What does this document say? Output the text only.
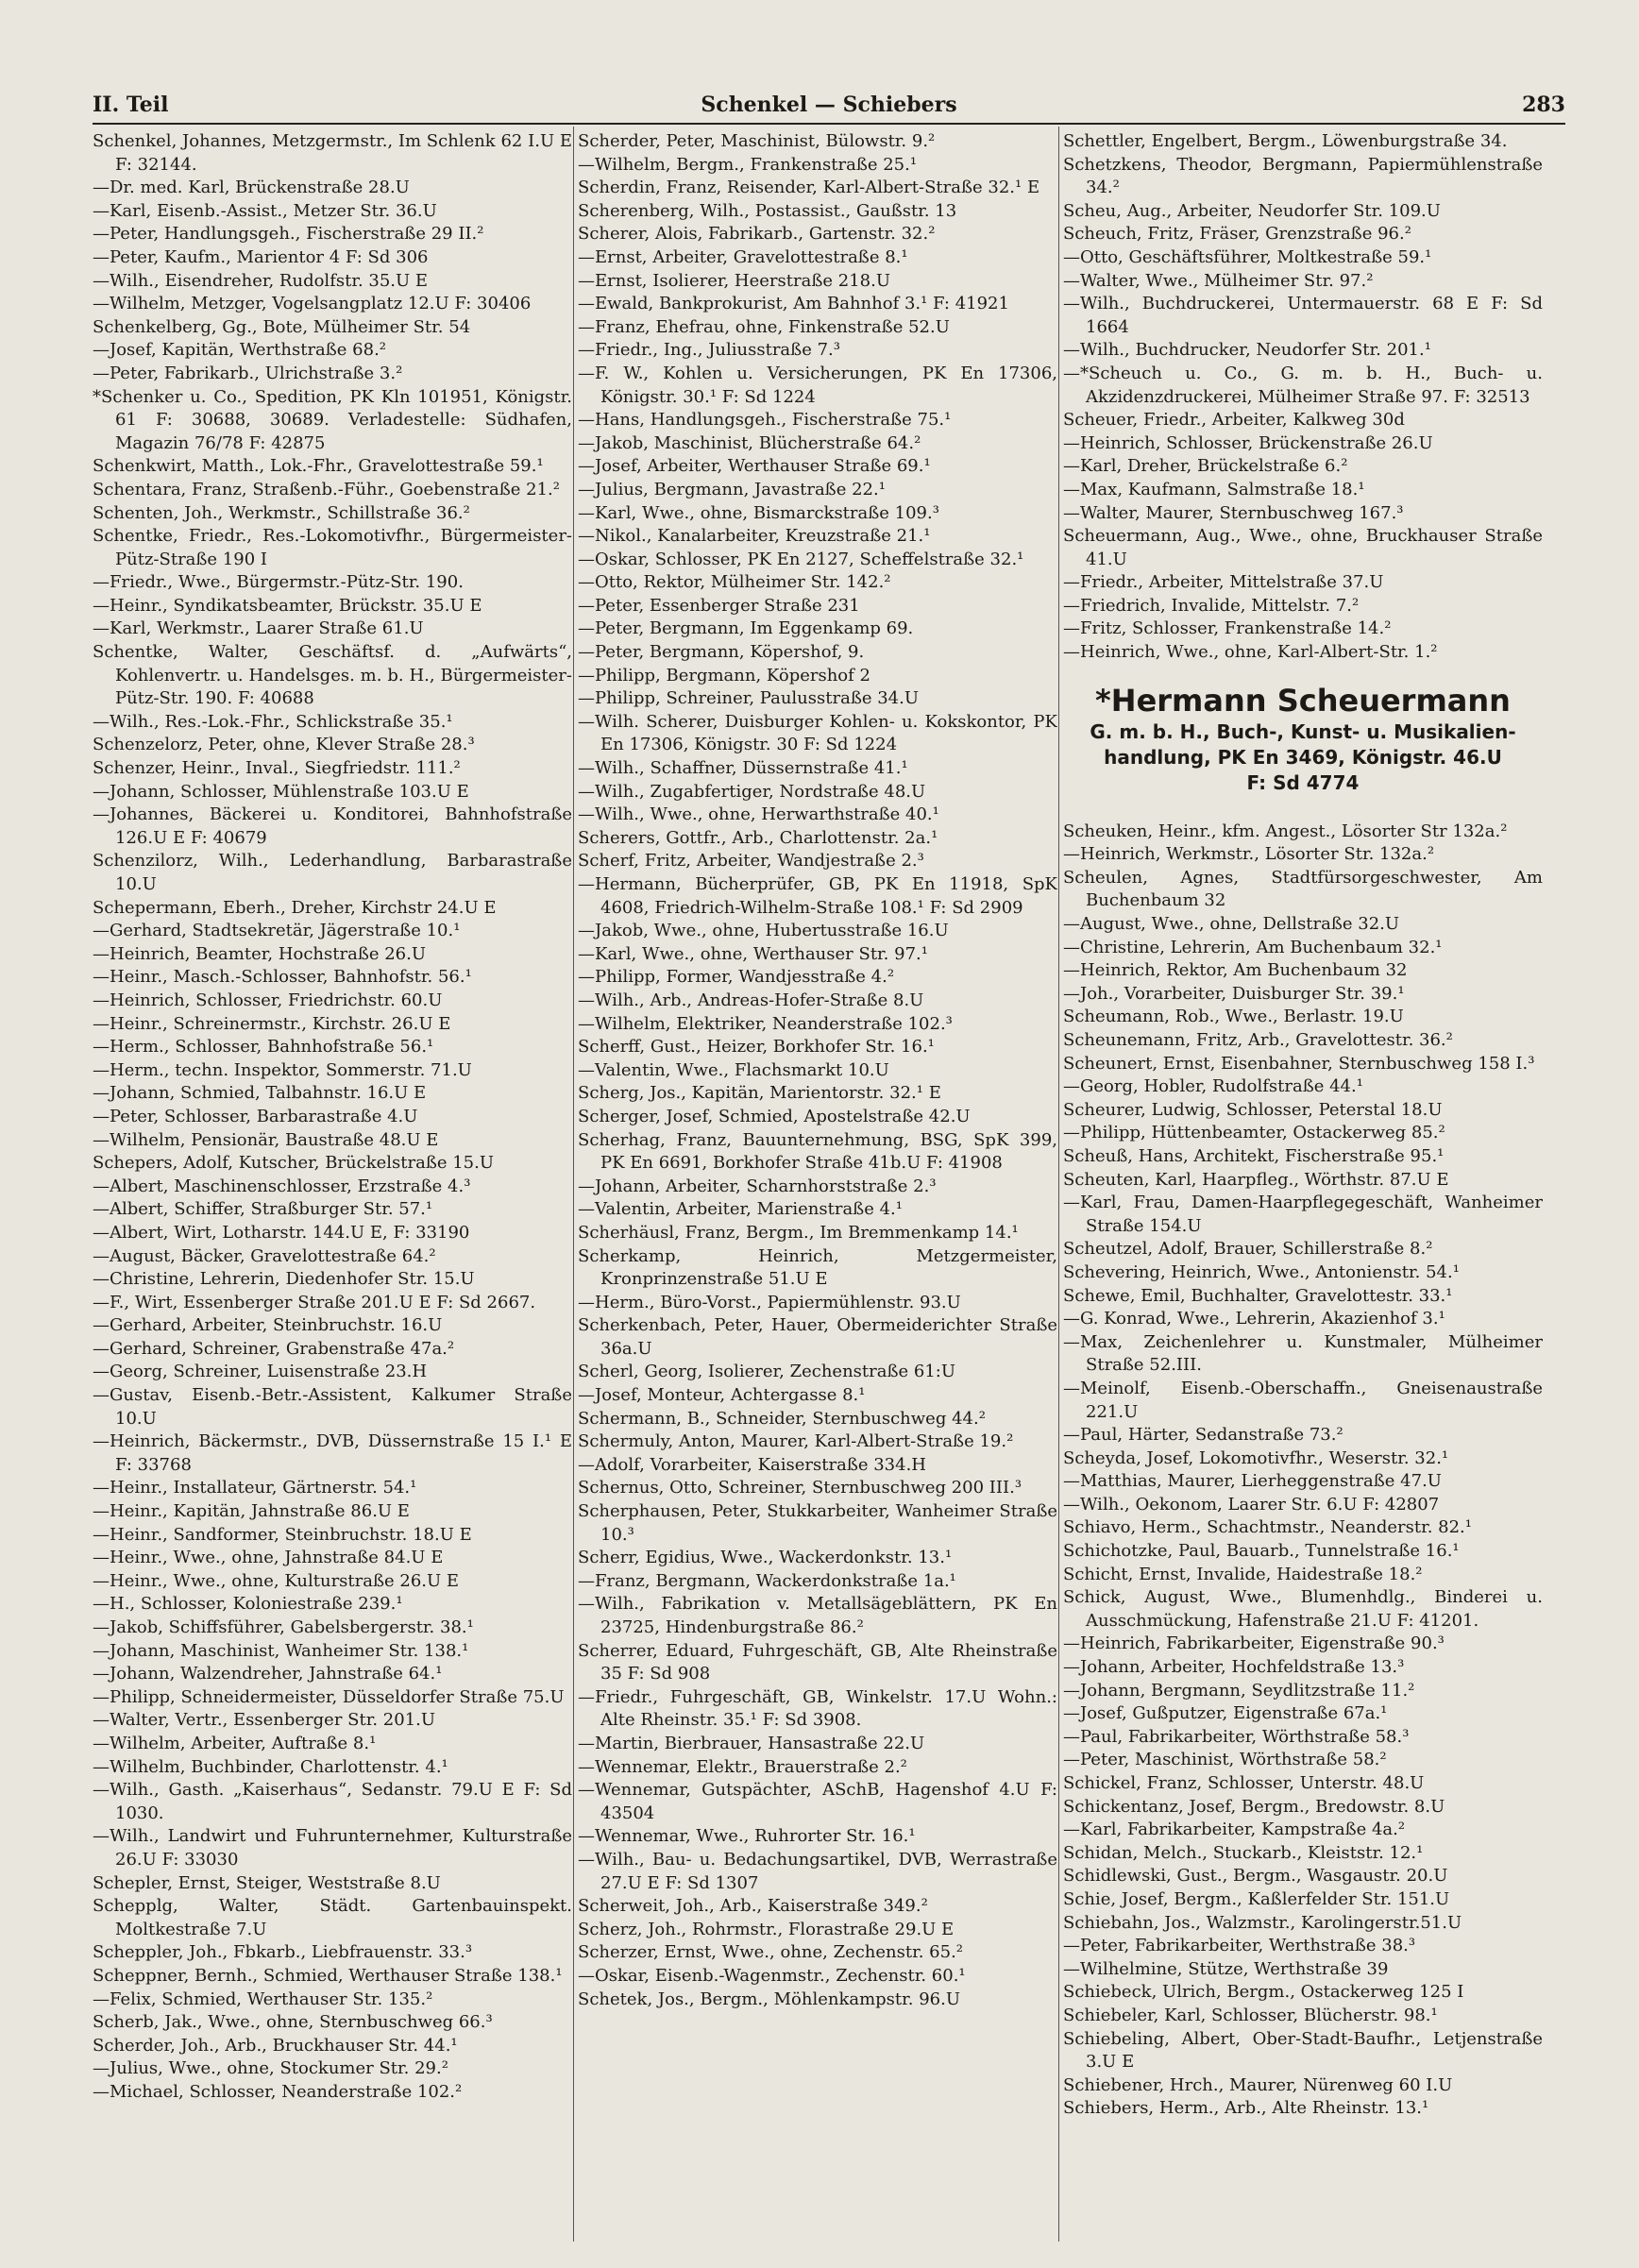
II. Teil	Schenkel — Schiebers	283

Schenkel, Johannes, Metzgermstr., Im Schlenk 62 I.U E F: 32144.

—Dr. med. Karl, Brückenstraße 28.U

—Karl, Eisenb.-Assist., Metzer Str. 36.U

—Peter, Handlungsgeh., Fischerstraße 29 II.²

—Peter, Kaufm., Marientor 4 F: Sd 306

—Wilh., Eisendreher, Rudolfstr. 35.U E

—Wilhelm, Metzger, Vogelsangplatz 12.U F: 30406

Schenkelberg, Gg., Bote, Mülheimer Str. 54

—Josef, Kapitän, Werthstraße 68.²

—Peter, Fabrikarb., Ulrichstraße 3.²

*Schenker u. Co., Spedition, PK Kln 101951, Königstr. 61 F: 30688, 30689. Verladestelle: Südhafen, Magazin 76/78 F: 42875

Schenkwirt, Matth., Lok.-Fhr., Gravelottestraße 59.¹

Schentara, Franz, Straßenb.-Führ., Goebenstraße 21.²

Schenten, Joh., Werkmstr., Schillstraße 36.²

Schentke, Friedr., Res.-Lokomotivfhr., Bürgermeister-Pütz-Straße 190 I

—Friedr., Wwe., Bürgermstr.-Pütz-Str. 190.

—Heinr., Syndikatsbeamter, Brückstr. 35.U E

—Karl, Werkmstr., Laarer Straße 61.U

Schentke, Walter, Geschäftsf. d. „Aufwärts“, Kohlenvertr. u. Handelsges. m. b. H., Bürgermeister-Pütz-Str. 190. F: 40688

—Wilh., Res.-Lok.-Fhr., Schlickstraße 35.¹

Schenzelorz, Peter, ohne, Klever Straße 28.³

Schenzer, Heinr., Inval., Siegfriedstr. 111.²

—Johann, Schlosser, Mühlenstraße 103.U E

—Johannes, Bäckerei u. Konditorei, Bahnhofstraße 126.U E F: 40679

Schenzilorz, Wilh., Lederhandlung, Barbarastraße 10.U

Schepermann, Eberh., Dreher, Kirchstr 24.U E

—Gerhard, Stadtsekretär, Jägerstraße 10.¹

—Heinrich, Beamter, Hochstraße 26.U

—Heinr., Masch.-Schlosser, Bahnhofstr. 56.¹

—Heinrich, Schlosser, Friedrichstr. 60.U

—Heinr., Schreinermstr., Kirchstr. 26.U E

—Herm., Schlosser, Bahnhofstraße 56.¹

—Herm., techn. Inspektor, Sommerstr. 71.U

—Johann, Schmied, Talbahnstr. 16.U E

—Peter, Schlosser, Barbarastraße 4.U

—Wilhelm, Pensionär, Baustraße 48.U E

Schepers, Adolf, Kutscher, Brückelstraße 15.U

—Albert, Maschinenschlosser, Erzstraße 4.³

—Albert, Schiffer, Straßburger Str. 57.¹

—Albert, Wirt, Lotharstr. 144.U E, F: 33190

—August, Bäcker, Gravelottestraße 64.²

—Christine, Lehrerin, Diedenhofer Str. 15.U

—F., Wirt, Essenberger Straße 201.U E F: Sd 2667.

—Gerhard, Arbeiter, Steinbruchstr. 16.U

—Gerhard, Schreiner, Grabenstraße 47a.²

—Georg, Schreiner, Luisenstraße 23.H

—Gustav, Eisenb.-Betr.-Assistent, Kalkumer Straße 10.U

—Heinrich, Bäckermstr., DVB, Düssernstraße 15 I.¹ E F: 33768

—Heinr., Installateur, Gärtnerstr. 54.¹

—Heinr., Kapitän, Jahnstraße 86.U E

—Heinr., Sandformer, Steinbruchstr. 18.U E

—Heinr., Wwe., ohne, Jahnstraße 84.U E

—Heinr., Wwe., ohne, Kulturstraße 26.U E

—H., Schlosser, Koloniestraße 239.¹

—Jakob, Schiffsführer, Gabelsbergerstr. 38.¹

—Johann, Maschinist, Wanheimer Str. 138.¹

—Johann, Walzendreher, Jahnstraße 64.¹

—Philipp, Schneidermeister, Düsseldorfer Straße 75.U

—Walter, Vertr., Essenberger Str. 201.U

—Wilhelm, Arbeiter, Auftraße 8.¹

—Wilhelm, Buchbinder, Charlottenstr. 4.¹

—Wilh., Gasth. „Kaiserhaus“, Sedanstr. 79.U E F: Sd 1030.

—Wilh., Landwirt und Fuhrunternehmer, Kulturstraße 26.U F: 33030

Schepler, Ernst, Steiger, Weststraße 8.U

Schepplg, Walter, Städt. Gartenbauinspekt. Moltkestraße 7.U

Scheppler, Joh., Fbkarb., Liebfrauenstr. 33.³

Scheppner, Bernh., Schmied, Werthauser Straße 138.¹

—Felix, Schmied, Werthauser Str. 135.²

Scherb, Jak., Wwe., ohne, Sternbuschweg 66.³

Scherder, Joh., Arb., Bruckhauser Str. 44.¹

—Julius, Wwe., ohne, Stockumer Str. 29.²

—Michael, Schlosser, Neanderstraße 102.²

Scherder, Peter, Maschinist, Bülowstr. 9.²

—Wilhelm, Bergm., Frankenstraße 25.¹

Scherdin, Franz, Reisender, Karl-Albert-Straße 32.¹ E

Scherenberg, Wilh., Postassist., Gaußstr. 13

Scherer, Alois, Fabrikarb., Gartenstr. 32.²

—Ernst, Arbeiter, Gravelottestraße 8.¹

—Ernst, Isolierer, Heerstraße 218.U

—Ewald, Bankprokurist, Am Bahnhof 3.¹ F: 41921

—Franz, Ehefrau, ohne, Finkenstraße 52.U

—Friedr., Ing., Juliusstraße 7.³

—F. W., Kohlen u. Versicherungen, PK En 17306, Königstr. 30.¹ F: Sd 1224

—Hans, Handlungsgeh., Fischerstraße 75.¹

—Jakob, Maschinist, Blücherstraße 64.²

—Josef, Arbeiter, Werthauser Straße 69.¹

—Julius, Bergmann, Javastraße 22.¹

—Karl, Wwe., ohne, Bismarckstraße 109.³

—Nikol., Kanalarbeiter, Kreuzstraße 21.¹

—Oskar, Schlosser, PK En 2127, Scheffelstraße 32.¹

—Otto, Rektor, Mülheimer Str. 142.²

—Peter, Essenberger Straße 231

—Peter, Bergmann, Im Eggenkamp 69.

—Peter, Bergmann, Köpershof, 9.

—Philipp, Bergmann, Köpershof 2

—Philipp, Schreiner, Paulusstraße 34.U

—Wilh. Scherer, Duisburger Kohlen- u. Kokskontor, PK En 17306, Königstr. 30 F: Sd 1224

—Wilh., Schaffner, Düssernstraße 41.¹

—Wilh., Zugabfertiger, Nordstraße 48.U

—Wilh., Wwe., ohne, Herwarthstraße 40.¹

Scherers, Gottfr., Arb., Charlottenstr. 2a.¹

Scherf, Fritz, Arbeiter, Wandjestraße 2.³

—Hermann, Bücherprüfer, GB, PK En 11918, SpK 4608, Friedrich-Wilhelm-Straße 108.¹ F: Sd 2909

—Jakob, Wwe., ohne, Hubertusstraße 16.U

—Karl, Wwe., ohne, Werthauser Str. 97.¹

—Philipp, Former, Wandjesstraße 4.²

—Wilh., Arb., Andreas-Hofer-Straße 8.U

—Wilhelm, Elektriker, Neanderstraße 102.³

Scherff, Gust., Heizer, Borkhofer Str. 16.¹

—Valentin, Wwe., Flachsmarkt 10.U

Scherg, Jos., Kapitän, Marientorstr. 32.¹ E

Scherger, Josef, Schmied, Apostelstraße 42.U

Scherhag, Franz, Bauunternehmung, BSG, SpK 399, PK En 6691, Borkhofer Straße 41b.U F: 41908

—Johann, Arbeiter, Scharnhorststraße 2.³

—Valentin, Arbeiter, Marienstraße 4.¹

Scherhäusl, Franz, Bergm., Im Bremmenkamp 14.¹

Scherkamp, Heinrich, Metzgermeister, Kronprinzenstraße 51.U E

—Herm., Büro-Vorst., Papiermühlenstr. 93.U

Scherkenbach, Peter, Hauer, Obermeiderichter Straße 36a.U

Scherl, Georg, Isolierer, Zechenstraße 61:U

—Josef, Monteur, Achtergasse 8.¹

Schermann, B., Schneider, Sternbuschweg 44.²

Schermuly, Anton, Maurer, Karl-Albert-Straße 19.²

—Adolf, Vorarbeiter, Kaiserstraße 334.H

Schernus, Otto, Schreiner, Sternbuschweg 200 III.³

Scherphausen, Peter, Stukkarbeiter, Wanheimer Straße 10.³

Scherr, Egidius, Wwe., Wackerdonkstr. 13.¹

—Franz, Bergmann, Wackerdonkstraße 1a.¹

—Wilh., Fabrikation v. Metallsägeblättern, PK En 23725, Hindenburgstraße 86.²

Scherrer, Eduard, Fuhrgeschäft, GB, Alte Rheinstraße 35 F: Sd 908

—Friedr., Fuhrgeschäft, GB, Winkelstr. 17.U Wohn.: Alte Rheinstr. 35.¹ F: Sd 3908.

—Martin, Bierbrauer, Hansastraße 22.U

—Wennemar, Elektr., Brauerstraße 2.²

—Wennemar, Gutspächter, ASchB, Hagenshof 4.U F: 43504

—Wennemar, Wwe., Ruhrorter Str. 16.¹

—Wilh., Bau- u. Bedachungsartikel, DVB, Werrastraße 27.U E F: Sd 1307

Scherweit, Joh., Arb., Kaiserstraße 349.²

Scherz, Joh., Rohrmstr., Florastraße 29.U E

Scherzer, Ernst, Wwe., ohne, Zechenstr. 65.²

—Oskar, Eisenb.-Wagenmstr., Zechenstr. 60.¹

Schetek, Jos., Bergm., Möhlenkampstr. 96.U

Schettler, Engelbert, Bergm., Löwenburgstraße 34.

Schetzkens, Theodor, Bergmann, Papiermühlenstraße 34.²

Scheu, Aug., Arbeiter, Neudorfer Str. 109.U

Scheuch, Fritz, Fräser, Grenzstraße 96.²

—Otto, Geschäftsführer, Moltkestraße 59.¹

—Walter, Wwe., Mülheimer Str. 97.²

—Wilh., Buchdruckerei, Untermauerstr. 68 E F: Sd 1664

—Wilh., Buchdrucker, Neudorfer Str. 201.¹

—*Scheuch u. Co., G. m. b. H., Buch- u. Akzidenzdruckerei, Mülheimer Straße 97. F: 32513

Scheuer, Friedr., Arbeiter, Kalkweg 30d

—Heinrich, Schlosser, Brückenstraße 26.U

—Karl, Dreher, Brückelstraße 6.²

—Max, Kaufmann, Salmstraße 18.¹

—Walter, Maurer, Sternbuschweg 167.³

Scheuermann, Aug., Wwe., ohne, Bruckhauser Straße 41.U

—Friedr., Arbeiter, Mittelstraße 37.U

—Friedrich, Invalide, Mittelstr. 7.²

—Fritz, Schlosser, Frankenstraße 14.²

—Heinrich, Wwe., ohne, Karl-Albert-Str. 1.²

*Hermann Scheuermann
G. m. b. H., Buch-, Kunst- u. Musikalien-
handlung, PK En 3469, Königstr. 46.U
F: Sd 4774

Scheuken, Heinr., kfm. Angest., Lösorter Str 132a.²

—Heinrich, Werkmstr., Lösorter Str. 132a.²

Scheulen, Agnes, Stadtfürsorgeschwester, Am Buchenbaum 32

—August, Wwe., ohne, Dellstraße 32.U

—Christine, Lehrerin, Am Buchenbaum 32.¹

—Heinrich, Rektor, Am Buchenbaum 32

—Joh., Vorarbeiter, Duisburger Str. 39.¹

Scheumann, Rob., Wwe., Berlastr. 19.U

Scheunemann, Fritz, Arb., Gravelottestr. 36.²

Scheunert, Ernst, Eisenbahner, Sternbuschweg 158 I.³

—Georg, Hobler, Rudolfstraße 44.¹

Scheurer, Ludwig, Schlosser, Peterstal 18.U

—Philipp, Hüttenbeamter, Ostackerweg 85.²

Scheuß, Hans, Architekt, Fischerstraße 95.¹

Scheuten, Karl, Haarpfleg., Wörthstr. 87.U E

—Karl, Frau, Damen-Haarpflegegeschäft, Wanheimer Straße 154.U

Scheutzel, Adolf, Brauer, Schillerstraße 8.²

Schevering, Heinrich, Wwe., Antonienstr. 54.¹

Schewe, Emil, Buchhalter, Gravelottestr. 33.¹

—G. Konrad, Wwe., Lehrerin, Akazienhof 3.¹

—Max, Zeichenlehrer u. Kunstmaler, Mülheimer Straße 52.III.

—Meinolf, Eisenb.-Oberschaffn., Gneisenaustraße 221.U

—Paul, Härter, Sedanstraße 73.²

Scheyda, Josef, Lokomotivfhr., Weserstr. 32.¹

—Matthias, Maurer, Lierheggenstraße 47.U

—Wilh., Oekonom, Laarer Str. 6.U F: 42807

Schiavo, Herm., Schachtmstr., Neanderstr. 82.¹

Schichotzke, Paul, Bauarb., Tunnelstraße 16.¹

Schicht, Ernst, Invalide, Haidestraße 18.²

Schick, August, Wwe., Blumenhdlg., Binderei u. Ausschmückung, Hafenstraße 21.U F: 41201.

—Heinrich, Fabrikarbeiter, Eigenstraße 90.³

—Johann, Arbeiter, Hochfeldstraße 13.³

—Johann, Bergmann, Seydlitzstraße 11.²

—Josef, Gußputzer, Eigenstraße 67a.¹

—Paul, Fabrikarbeiter, Wörthstraße 58.³

—Peter, Maschinist, Wörthstraße 58.²

Schickel, Franz, Schlosser, Unterstr. 48.U

Schickentanz, Josef, Bergm., Bredowstr. 8.U

—Karl, Fabrikarbeiter, Kampstraße 4a.²

Schidan, Melch., Stuckarb., Kleiststr. 12.¹

Schidlewski, Gust., Bergm., Wasgaustr. 20.U

Schie, Josef, Bergm., Kaßlerfelder Str. 151.U

Schiebahn, Jos., Walzmstr., Karolingerstr.51.U

—Peter, Fabrikarbeiter, Werthstraße 38.³

—Wilhelmine, Stütze, Werthstraße 39

Schiebeck, Ulrich, Bergm., Ostackerweg 125 I

Schiebeler, Karl, Schlosser, Blücherstr. 98.¹

Schiebeling, Albert, Ober-Stadt-Baufhr., Letjenstraße 3.U E

Schiebener, Hrch., Maurer, Nürenweg 60 I.U

Schiebers, Herm., Arb., Alte Rheinstr. 13.¹
